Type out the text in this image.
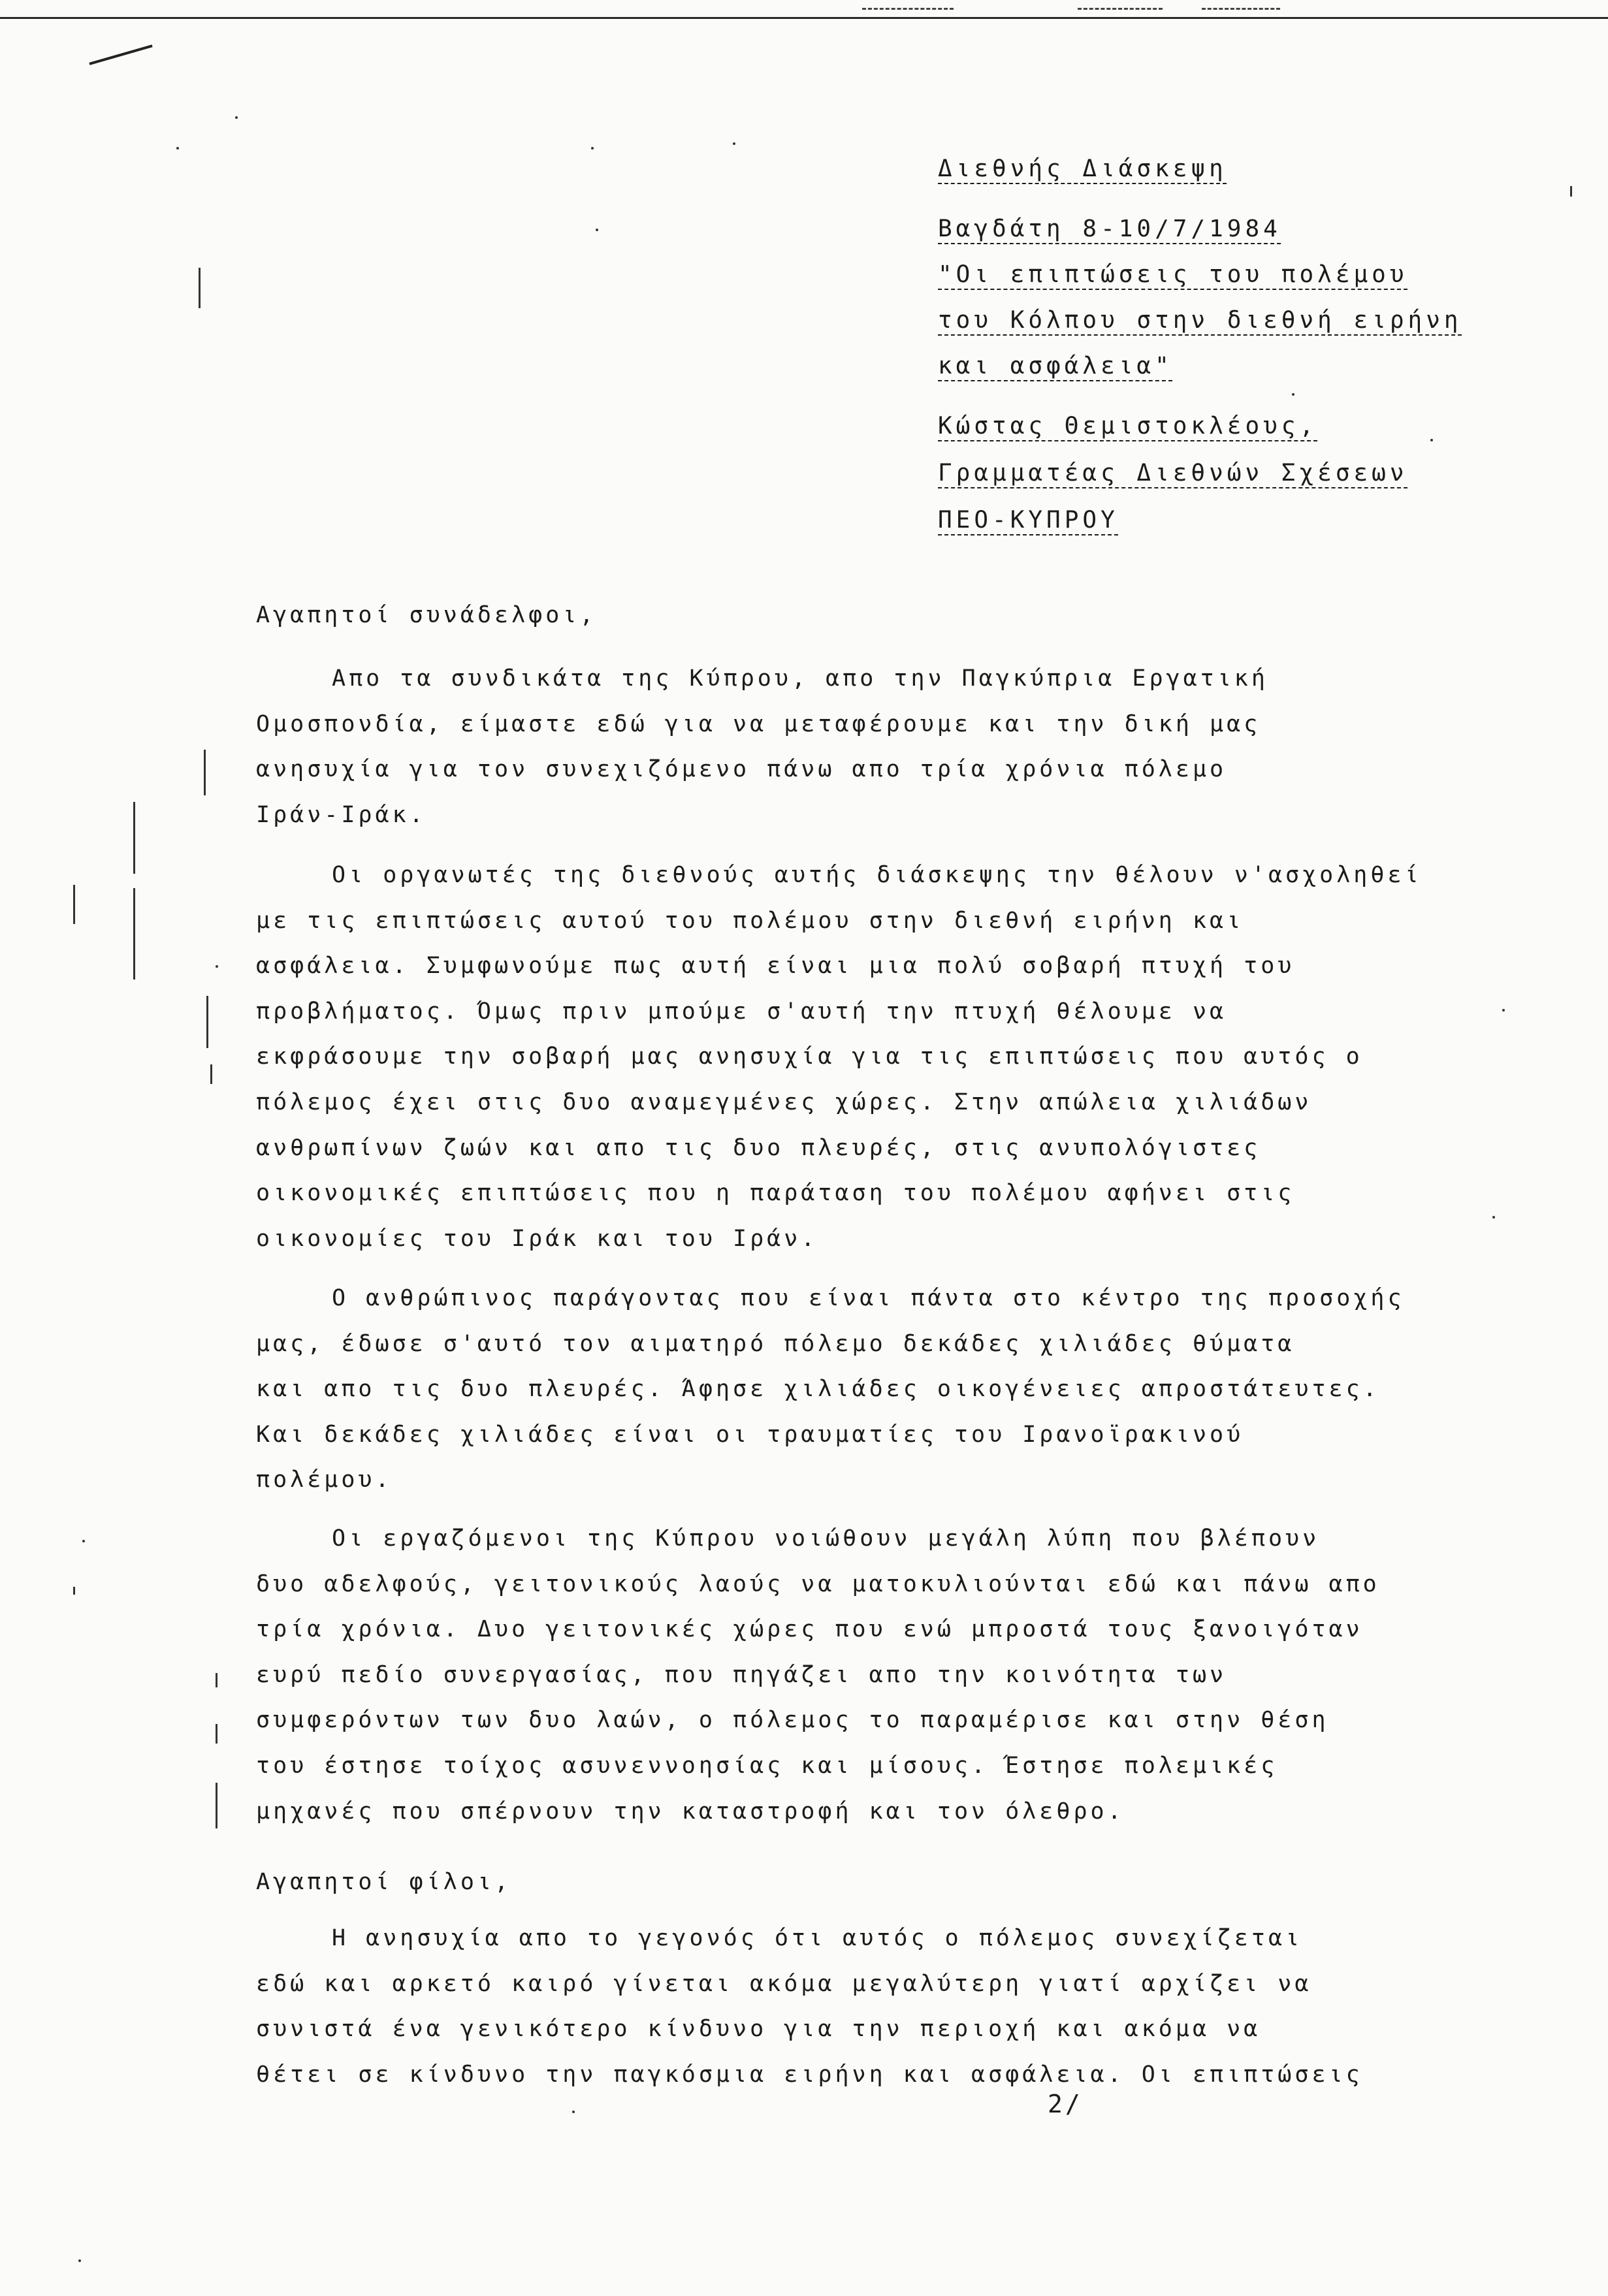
Διεθνής Διάσκεψη

Βαγδάτη 8-10/7/1984

"Οι επιπτώσεις του πολέμου

του Κόλπου στην διεθνή ειρήνη

και ασφάλεια"

Κώστας Θεμιστοκλέους,

Γραμματέας Διεθνών Σχέσεων

ΠΕΟ-ΚΥΠΡΟΥ

Αγαπητοί συνάδελφοι,

Απο τα συνδικάτα της Κύπρου, απο την Παγκύπρια Εργατική
Ομοσπονδία, είμαστε εδώ για να μεταφέρουμε και την δική μας
ανησυχία για τον συνεχιζόμενο πάνω απο τρία χρόνια πόλεμο
Ιράν-Ιράκ.

Οι οργανωτές της διεθνούς αυτής διάσκεψης την θέλουν ν'ασχοληθεί
με τις επιπτώσεις αυτού του πολέμου στην διεθνή ειρήνη και
ασφάλεια. Συμφωνούμε πως αυτή είναι μια πολύ σοβαρή πτυχή του
προβλήματος. Όμως πριν μπούμε σ'αυτή την πτυχή θέλουμε να
εκφράσουμε την σοβαρή μας ανησυχία για τις επιπτώσεις που αυτός ο
πόλεμος έχει στις δυο αναμεγμένες χώρες. Στην απώλεια χιλιάδων
ανθρωπίνων ζωών και απο τις δυο πλευρές, στις ανυπολόγιστες
οικονομικές επιπτώσεις που η παράταση του πολέμου αφήνει στις
οικονομίες του Ιράκ και του Ιράν.

Ο ανθρώπινος παράγοντας που είναι πάντα στο κέντρο της προσοχής
μας, έδωσε σ'αυτό τον αιματηρό πόλεμο δεκάδες χιλιάδες θύματα
και απο τις δυο πλευρές. Άφησε χιλιάδες οικογένειες απροστάτευτες.
Και δεκάδες χιλιάδες είναι οι τραυματίες του Ιρανοϊρακινού
πολέμου.

Οι εργαζόμενοι της Κύπρου νοιώθουν μεγάλη λύπη που βλέπουν
δυο αδελφούς, γειτονικούς λαούς να ματοκυλιούνται εδώ και πάνω απο
τρία χρόνια. Δυο γειτονικές χώρες που ενώ μπροστά τους ξανοιγόταν
ευρύ πεδίο συνεργασίας, που πηγάζει απο την κοινότητα των
συμφερόντων των δυο λαών, ο πόλεμος το παραμέρισε και στην θέση
του έστησε τοίχος ασυνεννοησίας και μίσους. Έστησε πολεμικές
μηχανές που σπέρνουν την καταστροφή και τον όλεθρο.

Αγαπητοί φίλοι,

Η ανησυχία απο το γεγονός ότι αυτός ο πόλεμος συνεχίζεται
εδώ και αρκετό καιρό γίνεται ακόμα μεγαλύτερη γιατί αρχίζει να
συνιστά ένα γενικότερο κίνδυνο για την περιοχή και ακόμα να
θέτει σε κίνδυνο την παγκόσμια ειρήνη και ασφάλεια. Οι επιπτώσεις

2/
